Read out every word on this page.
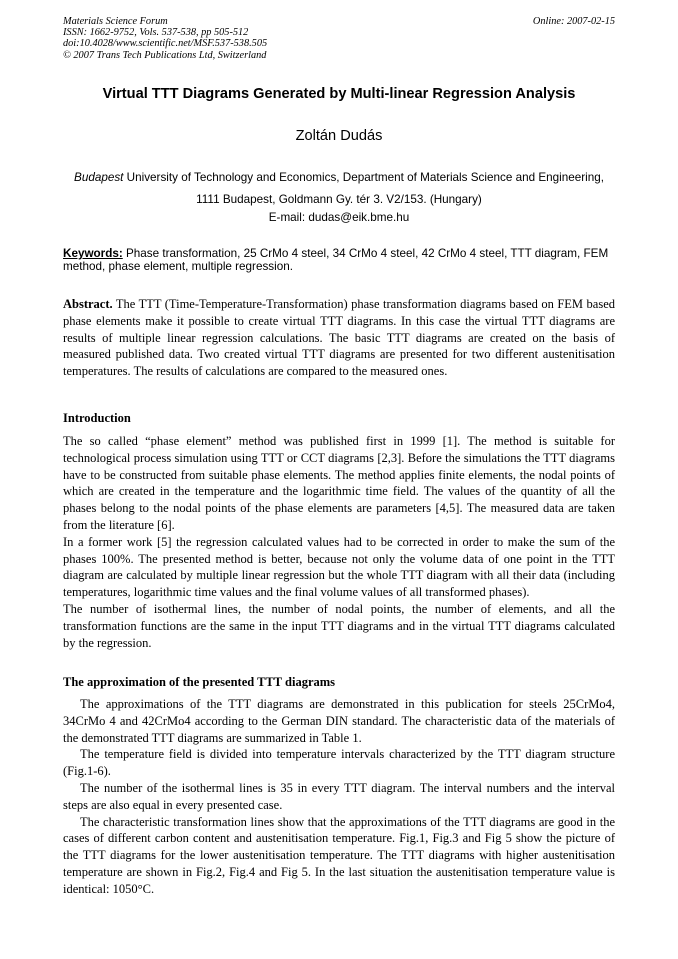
Materials Science Forum
ISSN: 1662-9752, Vols. 537-538, pp 505-512
doi:10.4028/www.scientific.net/MSF.537-538.505
© 2007 Trans Tech Publications Ltd, Switzerland
Online: 2007-02-15
Virtual TTT Diagrams Generated by Multi-linear Regression Analysis
Zoltán Dudás
Budapest University of Technology and Economics, Department of Materials Science and Engineering, 1111 Budapest, Goldmann Gy. tér 3. V2/153. (Hungary)
E-mail: dudas@eik.bme.hu
Keywords: Phase transformation, 25 CrMo 4 steel, 34 CrMo 4 steel, 42 CrMo 4 steel, TTT diagram, FEM method, phase element, multiple regression.
Abstract. The TTT (Time-Temperature-Transformation) phase transformation diagrams based on FEM based phase elements make it possible to create virtual TTT diagrams. In this case the virtual TTT diagrams are results of multiple linear regression calculations. The basic TTT diagrams are created on the basis of measured published data. Two created virtual TTT diagrams are presented for two different austenitisation temperatures. The results of calculations are compared to the measured ones.
Introduction

The so called “phase element” method was published first in 1999 [1]. The method is suitable for technological process simulation using TTT or CCT diagrams [2,3]. Before the simulations the TTT diagrams have to be constructed from suitable phase elements. The method applies finite elements, the nodal points of which are created in the temperature and the logarithmic time field. The values of the quantity of all the phases belong to the nodal points of the phase elements are parameters [4,5]. The measured data are taken from the literature [6].

In a former work [5] the regression calculated values had to be corrected in order to make the sum of the phases 100%. The presented method is better, because not only the volume data of one point in the TTT diagram are calculated by multiple linear regression but the whole TTT diagram with all their data (including temperatures, logarithmic time values and the final volume values of all transformed phases).

The number of isothermal lines, the number of nodal points, the number of elements, and all the transformation functions are the same in the input TTT diagrams and in the virtual TTT diagrams calculated by the regression.

The approximation of the presented TTT diagrams

The approximations of the TTT diagrams are demonstrated in this publication for steels 25CrMo4, 34CrMo 4 and 42CrMo4 according to the German DIN standard. The characteristic data of the materials of the demonstrated TTT diagrams are summarized in Table 1.

The temperature field is divided into temperature intervals characterized by the TTT diagram structure (Fig.1-6).

The number of the isothermal lines is 35 in every TTT diagram. The interval numbers and the interval steps are also equal in every presented case.

The characteristic transformation lines show that the approximations of the TTT diagrams are good in the cases of different carbon content and austenitisation temperature. Fig.1, Fig.3 and Fig 5 show the picture of the TTT diagrams for the lower austenitisation temperature. The TTT diagrams with higher austenitisation temperature are shown in Fig.2, Fig.4 and Fig 5. In the last situation the austenitisation temperature value is identical: 1050°C.
